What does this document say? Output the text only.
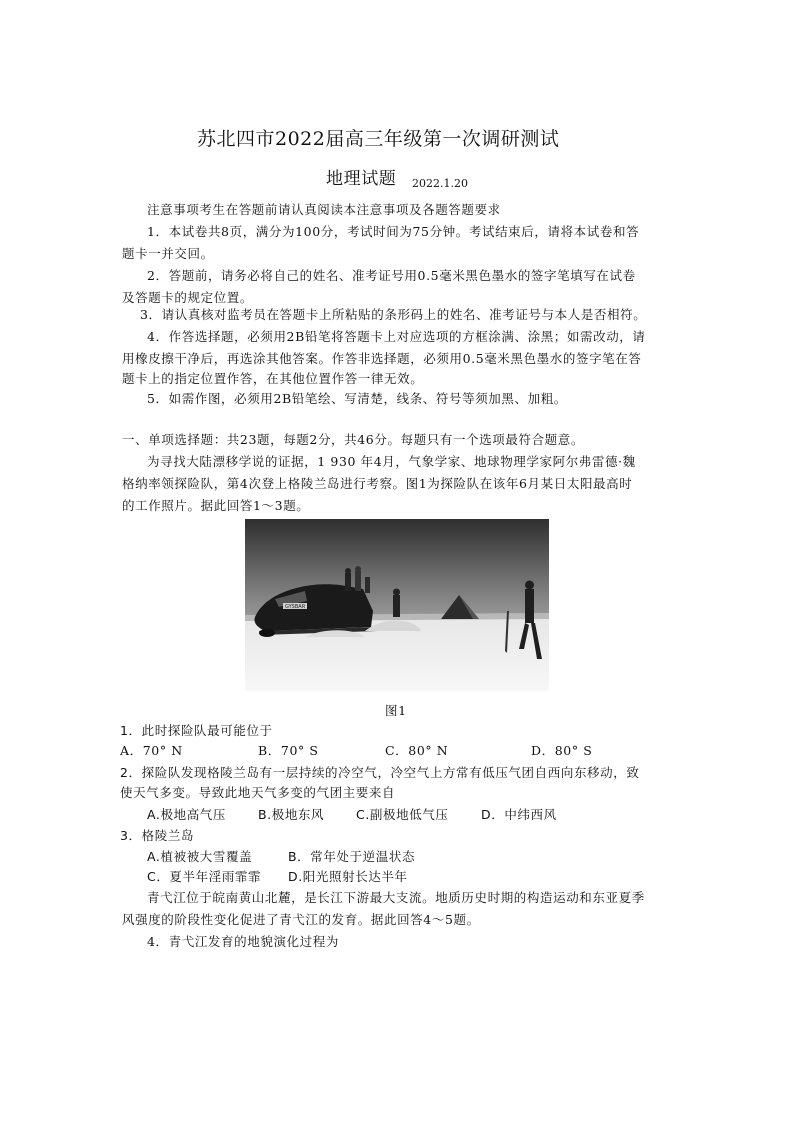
苏北四市2022届高三年级第一次调研测试
地理试题 2022.1.20
注意事项考生在答题前请认真阅读本注意事项及各题答题要求
1．本试卷共8页，满分为100分，考试时间为75分钟。考试结束后，请将本试卷和答
题卡一并交回。
2．答题前，请务必将自己的姓名、准考证号用0.5毫米黑色墨水的签字笔填写在试卷
及答题卡的规定位置。
3．请认真核对监考员在答题卡上所粘贴的条形码上的姓名、准考证号与本人是否相符。
4．作答选择题，必须用2B铅笔将答题卡上对应选项的方框涂满、涂黑；如需改动，请
用橡皮擦干净后，再选涂其他答案。作答非选择题，必须用0.5毫米黑色墨水的签字笔在答
题卡上的指定位置作答，在其他位置作答一律无效。
5．如需作图，必须用2B铅笔绘、写清楚，线条、符号等须加黑、加粗。
一、单项选择题：共23题，每题2分，共46分。每题只有一个选项最符合题意。
为寻找大陆漂移学说的证据，1 930 年4月，气象学家、地球物理学家阿尔弗雷德·魏
格纳率领探险队，第4次登上格陵兰岛进行考察。图1为探险队在该年6月某日太阳最高时
的工作照片。据此回答1～3题。
GYSBAR
图1
1．此时探险队最可能位于
A．70° N	B．70° S	C．80° N	D．80° S
2．探险队发现格陵兰岛有一层持续的冷空气，冷空气上方常有低压气团自西向东移动，致
使天气多变。导致此地天气多变的气团主要来自
A.极地高气压	B.极地东风	C.副极地低气压	D．中纬西风
3．格陵兰岛
A.植被被大雪覆盖	B．常年处于逆温状态
C．夏半年淫雨霏霏 D.阳光照射长达半年
青弋江位于皖南黄山北麓，是长江下游最大支流。地质历史时期的构造运动和东亚夏季
风强度的阶段性变化促进了青弋江的发育。据此回答4～5题。
4．青弋江发育的地貌演化过程为
